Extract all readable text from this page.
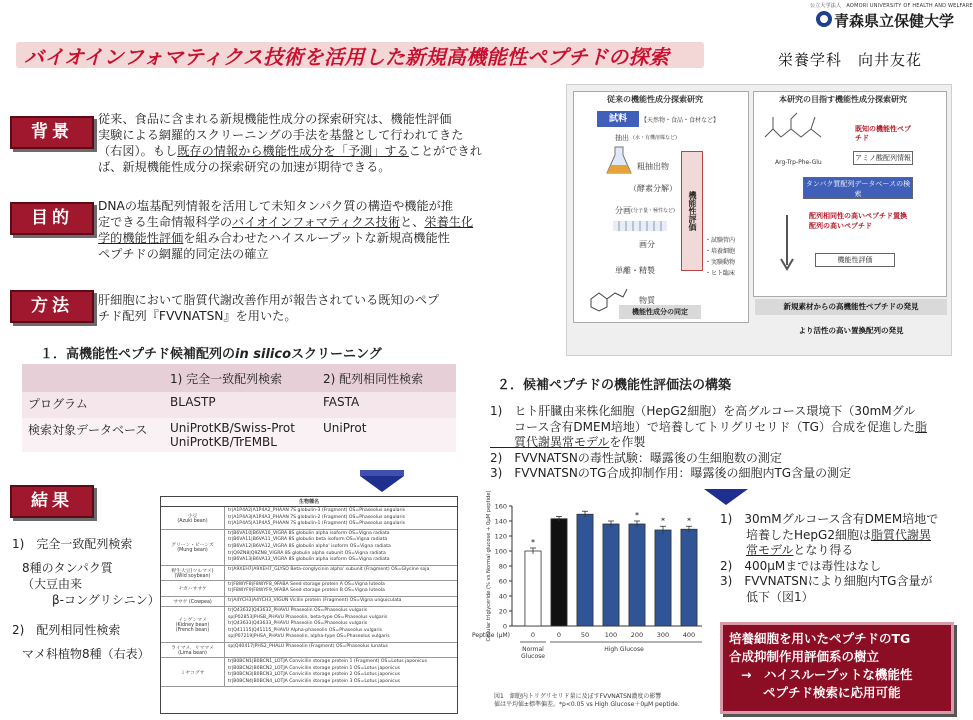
公立大学法人　AOMORI UNIVERSITY OF HEALTH AND WELFARE
青森県立保健大学
バイオインフォマティクス技術を活用した新規高機能性ペプチドの探索	栄養学科　向井友花
背景
従来、食品に含まれる新規機能性成分の探索研究は、機能性評価
実験による網羅的スクリーニングの手法を基盤として行われてきた
（右図）。もし既存の情報から機能性成分を「予測」することができれ
ば、新規機能性成分の探索研究の加速が期待できる。
目的
DNAの塩基配列情報を活用して未知タンパク質の構造や機能が推
定できる生命情報科学のバイオインフォマティクス技術と、栄養生化
学的機能性評価を組み合わせたハイスループットな新規高機能性
ペプチドの網羅的同定法の確立
方法	肝細胞において脂質代謝改善作用が報告されている既知のペプ
チド配列『FVVNATSN』を用いた。
従来の機能性成分探索研究	本研究の目指す機能性成分探索研究
試料	【天然物・食品・食材など】
抽出 (水・有機溶媒など)
粗抽出物
（酵素分解）
分画 (分子量・極性など)
画分
単離・精製
物質
機能性評価
・試験管内
・培養細胞
・実験動物
・ヒト臨床
機能性成分の同定
Arg-Trp-Phe-Glu
既知の機能性ペプチド
アミノ酸配列情報
タンパク質配列データベースの検索
配列相同性の高いペプチド置換配列の高いペプチド
機能性評価
新規素材からの高機能性ペプチドの発見
より活性の高い置換配列の発見
１．高機能性ペプチド候補配列のin silicoスクリーニング
	1) 完全一致配列検索	2) 配列相同性検索
プログラム	BLASTP	FASTA
検索対象データベース	UniProtKB/Swiss-Prot
UniProtKB/TrEMBL	UniProt
２．候補ペプチドの機能性評価法の構築
1)　ヒト肝臓由来株化細胞（HepG2細胞）を高グルコース環境下（30mMグル
　　コース含有DMEM培地）で培養してトリグリセリド（TG）合成を促進した脂
　　質代謝異常モデルを作製
2)　FVVNATSNの毒性試験：曝露後の生細胞数の測定
3)　FVVNATSNのTG合成抑制作用：曝露後の細胞内TG含量の測定
結果
1)　完全一致配列検索
8種のタンパク質
（大豆由来
β-コングリシニン）
2)　配列相同性検索
マメ科植物8種（右表）
生物種名
小豆
(Azuki bean)
tr|A1P4A2|A1P4A2_PHAAN 7S globulin-3 (Fragment) OS=Phaseolus angularis
tr|A1P4A3|A1P4A3_PHAAN 7S globulin-2 (Fragment) OS=Phaseolus angularis
tr|A1P4A5|A1P4A5_PHAAN 7S globulin-1 (Fragment) OS=Phaseolus angularis
グリーン・ピーンズ
(Mung bean)
tr|B6VA10|B6VA10_VIGRA 8S globulin alpha isoform OS=Vigna radiata
tr|B6VA11|B6VA11_VIGRA 8S globulin beta isoform OS=Vigna radiata
tr|B6VA12|B6VA12_VIGRA 8S globulin alpha' isoform OS=Vigna radiata
tr|Q9ZN8|Q9ZN8_VIGRA 8S globulin alpha subunit OS=Vigna radiata
tr|B6VA13|B6VA13_VIGRA 8S globulin alpha isoform OS=Vigna radiata
野生大豆(ツルマメ)
(Wild soybean)
tr|A9XEH7|A9XEH7_GLYSO Beta-conglycinin alpha' subunit (Fragment) OS=Glycine soja
ナガハササゲ
tr|F8WYF8|F8WYF8_9FABA Seed storage protein A OS=Vigna luteola
tr|F8WYF9|F8WYF9_9FABA Seed storage protein B OS=Vigna luteola
ササゲ (Cowpea)	tr|A4YCH3|A4YCH3_VIGUN Vicilin protein (Fragment) OS=Vigna unguiculata
インゲンマメ
(Kidney bean)
(French bean)
tr|Q43632|Q43632_PHAVU Phaseolin OS=Phaseolus vulgaris
sp|P02853|PHSB_PHAVU Phaseolin, beta-type OS=Phaseolus vulgaris
tr|Q43633|Q43633_PHAVU Phaseolin OS=Phaseolus vulgaris
tr|Q41115|Q41115_PHAVU Alpha-phaseolin OS=Phaseolus vulgaris
sp|P07219|PHSA_PHAVU Phaseolin, alpha-type OS=Phaseolus vulgaris
ライマメ、リママメ
(Lima bean)
sp|Q40417|PHS2_PHALU Phaseolin (Fragment) OS=Phaseolus lunatus
ミヤコグサ
tr|B0BCN1|B0BCN1_LOTJA Convicilin storage protein 1 (Fragment) OS=Lotus japonicus
tr|B0BCN2|B0BCN2_LOTJA Convicilin storage protein 1 OS=Lotus japonicus
tr|B0BCN3|B0BCN3_LOTJA Convicilin storage protein 2 OS=Lotus japonicus
tr|B0BCN4|B0BCN4_LOTJA Convicilin storage protein 3 OS=Lotus japonicus
0
20
40
60
80
100
120
140
160
Cellular triglyceride (% vs Normal glucose + 0μM peptide)	*
0	0	50 100
*
200
*
300
*
400
Peptide (μM)
Normal
Glucose
High Glucose
図1　細胞内トリグリセリド量に及ぼすFVVNATSN濃度の影響
値は平均値±標準偏差。*p<0.05 vs High Glucose＋0μM peptide.
1)　30mMグルコース含有DMEM培地で
培養したHepG2細胞は脂質代謝異
常モデルとなり得る
2)　400μMまでは毒性はなし
3)　FVVNATSNにより細胞内TG含量が
低下（図1）
培養細胞を用いたペプチドのTG
合成抑制作用評価系の樹立
→　ハイスループットな機能性
ペプチド検索に応用可能
